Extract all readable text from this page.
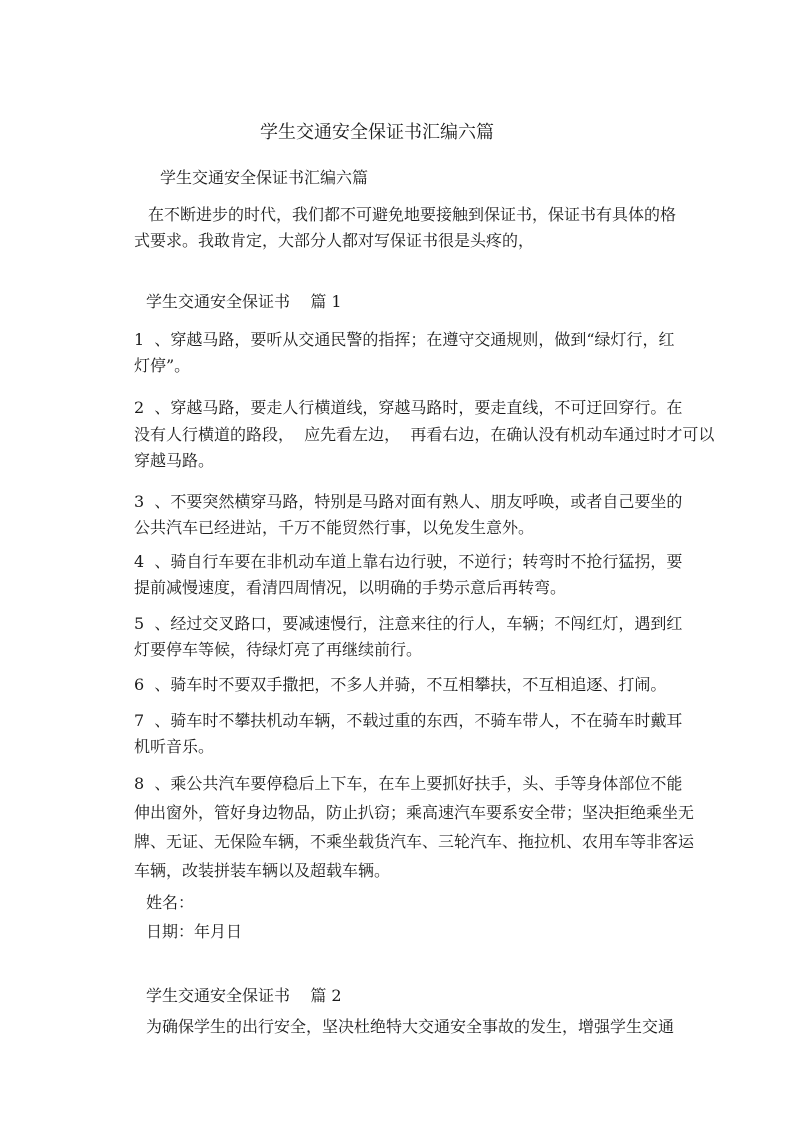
学生交通安全保证书汇编六篇
学生交通安全保证书汇编六篇
在不断进步的时代，我们都不可避免地要接触到保证书，保证书有具体的格
式要求。我敢肯定，大部分人都对写保证书很是头疼的，
学生交通安全保证书    篇 1
1  、穿越马路，要听从交通民警的指挥；在遵守交通规则，做到“绿灯行，红
灯停”。
2  、穿越马路，要走人行横道线，穿越马路时，要走直线，不可迂回穿行。在
没有人行横道的路段，  应先看左边，  再看右边，在确认没有机动车通过时才可以
穿越马路。
3  、不要突然横穿马路，特别是马路对面有熟人、朋友呼唤，或者自己要坐的
公共汽车已经进站，千万不能贸然行事，以免发生意外。
4  、骑自行车要在非机动车道上靠右边行驶，不逆行；转弯时不抢行猛拐，要
提前减慢速度，看清四周情况，以明确的手势示意后再转弯。
5  、经过交叉路口，要减速慢行，注意来往的行人，车辆；不闯红灯，遇到红
灯要停车等候，待绿灯亮了再继续前行。
6  、骑车时不要双手撒把，不多人并骑，不互相攀扶，不互相追逐、打闹。
7  、骑车时不攀扶机动车辆，不载过重的东西，不骑车带人，不在骑车时戴耳
机听音乐。
8  、乘公共汽车要停稳后上下车，在车上要抓好扶手，头、手等身体部位不能
伸出窗外，管好身边物品，防止扒窃；乘高速汽车要系安全带；坚决拒绝乘坐无
牌、无证、无保险车辆，不乘坐载货汽车、三轮汽车、拖拉机、农用车等非客运
车辆，改装拼装车辆以及超载车辆。
姓名：
日期：年月日
学生交通安全保证书    篇 2
为确保学生的出行安全，坚决杜绝特大交通安全事故的发生，增强学生交通
